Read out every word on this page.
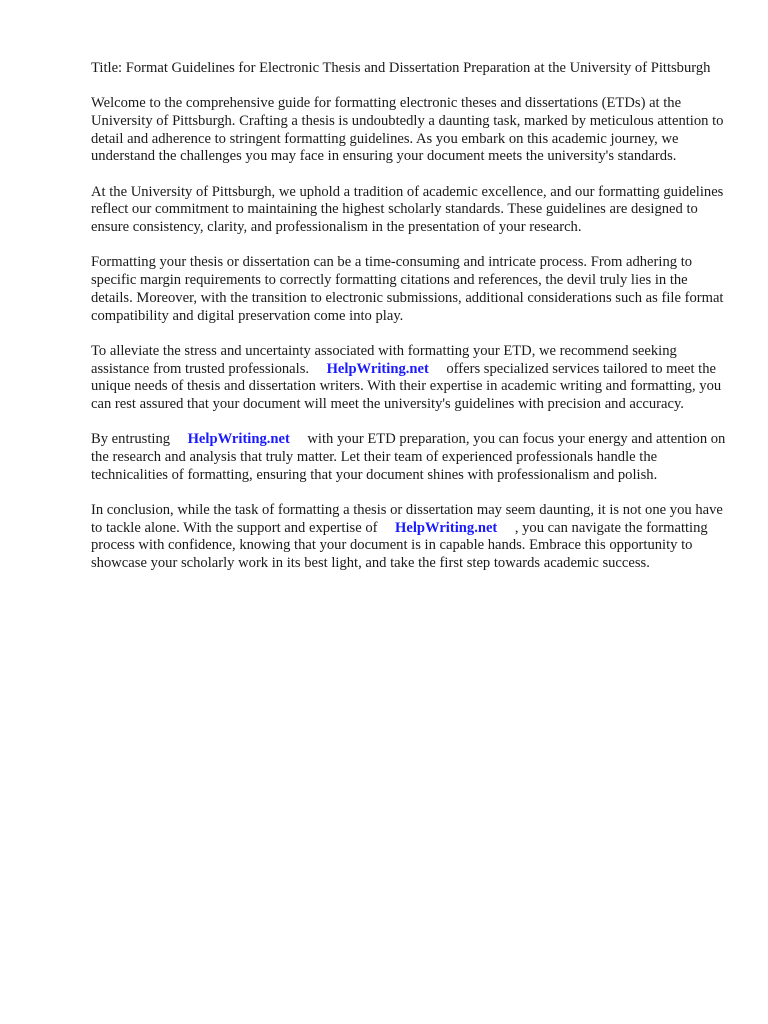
Title: Format Guidelines for Electronic Thesis and Dissertation Preparation at the University of Pittsburgh

Welcome to the comprehensive guide for formatting electronic theses and dissertations (ETDs) at the University of Pittsburgh. Crafting a thesis is undoubtedly a daunting task, marked by meticulous attention to detail and adherence to stringent formatting guidelines. As you embark on this academic journey, we understand the challenges you may face in ensuring your document meets the university's standards.

At the University of Pittsburgh, we uphold a tradition of academic excellence, and our formatting guidelines reflect our commitment to maintaining the highest scholarly standards. These guidelines are designed to ensure consistency, clarity, and professionalism in the presentation of your research.

Formatting your thesis or dissertation can be a time-consuming and intricate process. From adhering to specific margin requirements to correctly formatting citations and references, the devil truly lies in the details. Moreover, with the transition to electronic submissions, additional considerations such as file format compatibility and digital preservation come into play.

To alleviate the stress and uncertainty associated with formatting your ETD, we recommend seeking assistance from trusted professionals. HelpWriting.net offers specialized services tailored to meet the unique needs of thesis and dissertation writers. With their expertise in academic writing and formatting, you can rest assured that your document will meet the university's guidelines with precision and accuracy.

By entrusting HelpWriting.net with your ETD preparation, you can focus your energy and attention on the research and analysis that truly matter. Let their team of experienced professionals handle the technicalities of formatting, ensuring that your document shines with professionalism and polish.

In conclusion, while the task of formatting a thesis or dissertation may seem daunting, it is not one you have to tackle alone. With the support and expertise of HelpWriting.net , you can navigate the formatting process with confidence, knowing that your document is in capable hands. Embrace this opportunity to showcase your scholarly work in its best light, and take the first step towards academic success.
